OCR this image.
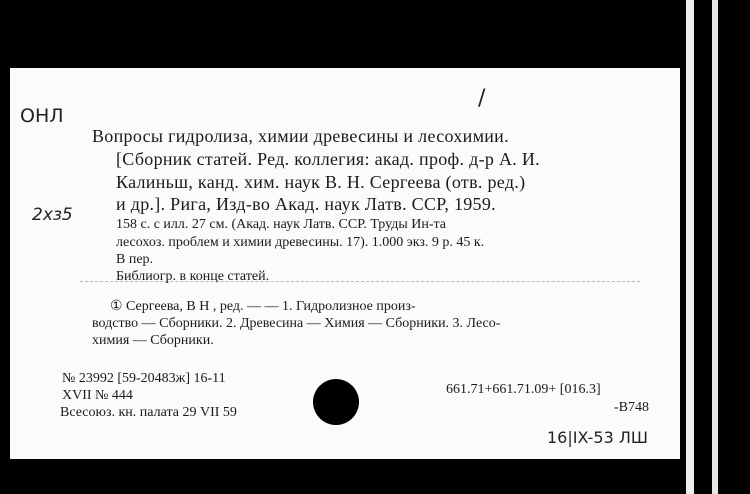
ОНЛ
/
2хз5
Вопросы гидролиза, химии древесины и лесохимии.
[Сборник статей. Ред. коллегия: акад. проф. д-р А. И.
Калиньш, канд. хим. наук В. Н. Сергеева (отв. ред.)
и др.]. Рига, Изд-во Акад. наук Латв. ССР, 1959.
158 с. с илл. 27 см. (Акад. наук Латв. ССР. Труды Ин-та
лесохоз. проблем и химии древесины. 17). 1.000 экз. 9 р. 45 к.
В пер.
Библиогр. в конце статей.
① Сергеева, В Н , ред. — — 1. Гидролизное произ-
водство — Сборники. 2. Древесина — Химия — Сборники. 3. Лесо-
химия — Сборники.
№ 23992 [59-20483ж] 16-11
XVII № 444
Всесоюз. кн. палата 29 VII 59
661.71+661.71.09+ [016.3]
-B748
16|IX-53 ЛШ
